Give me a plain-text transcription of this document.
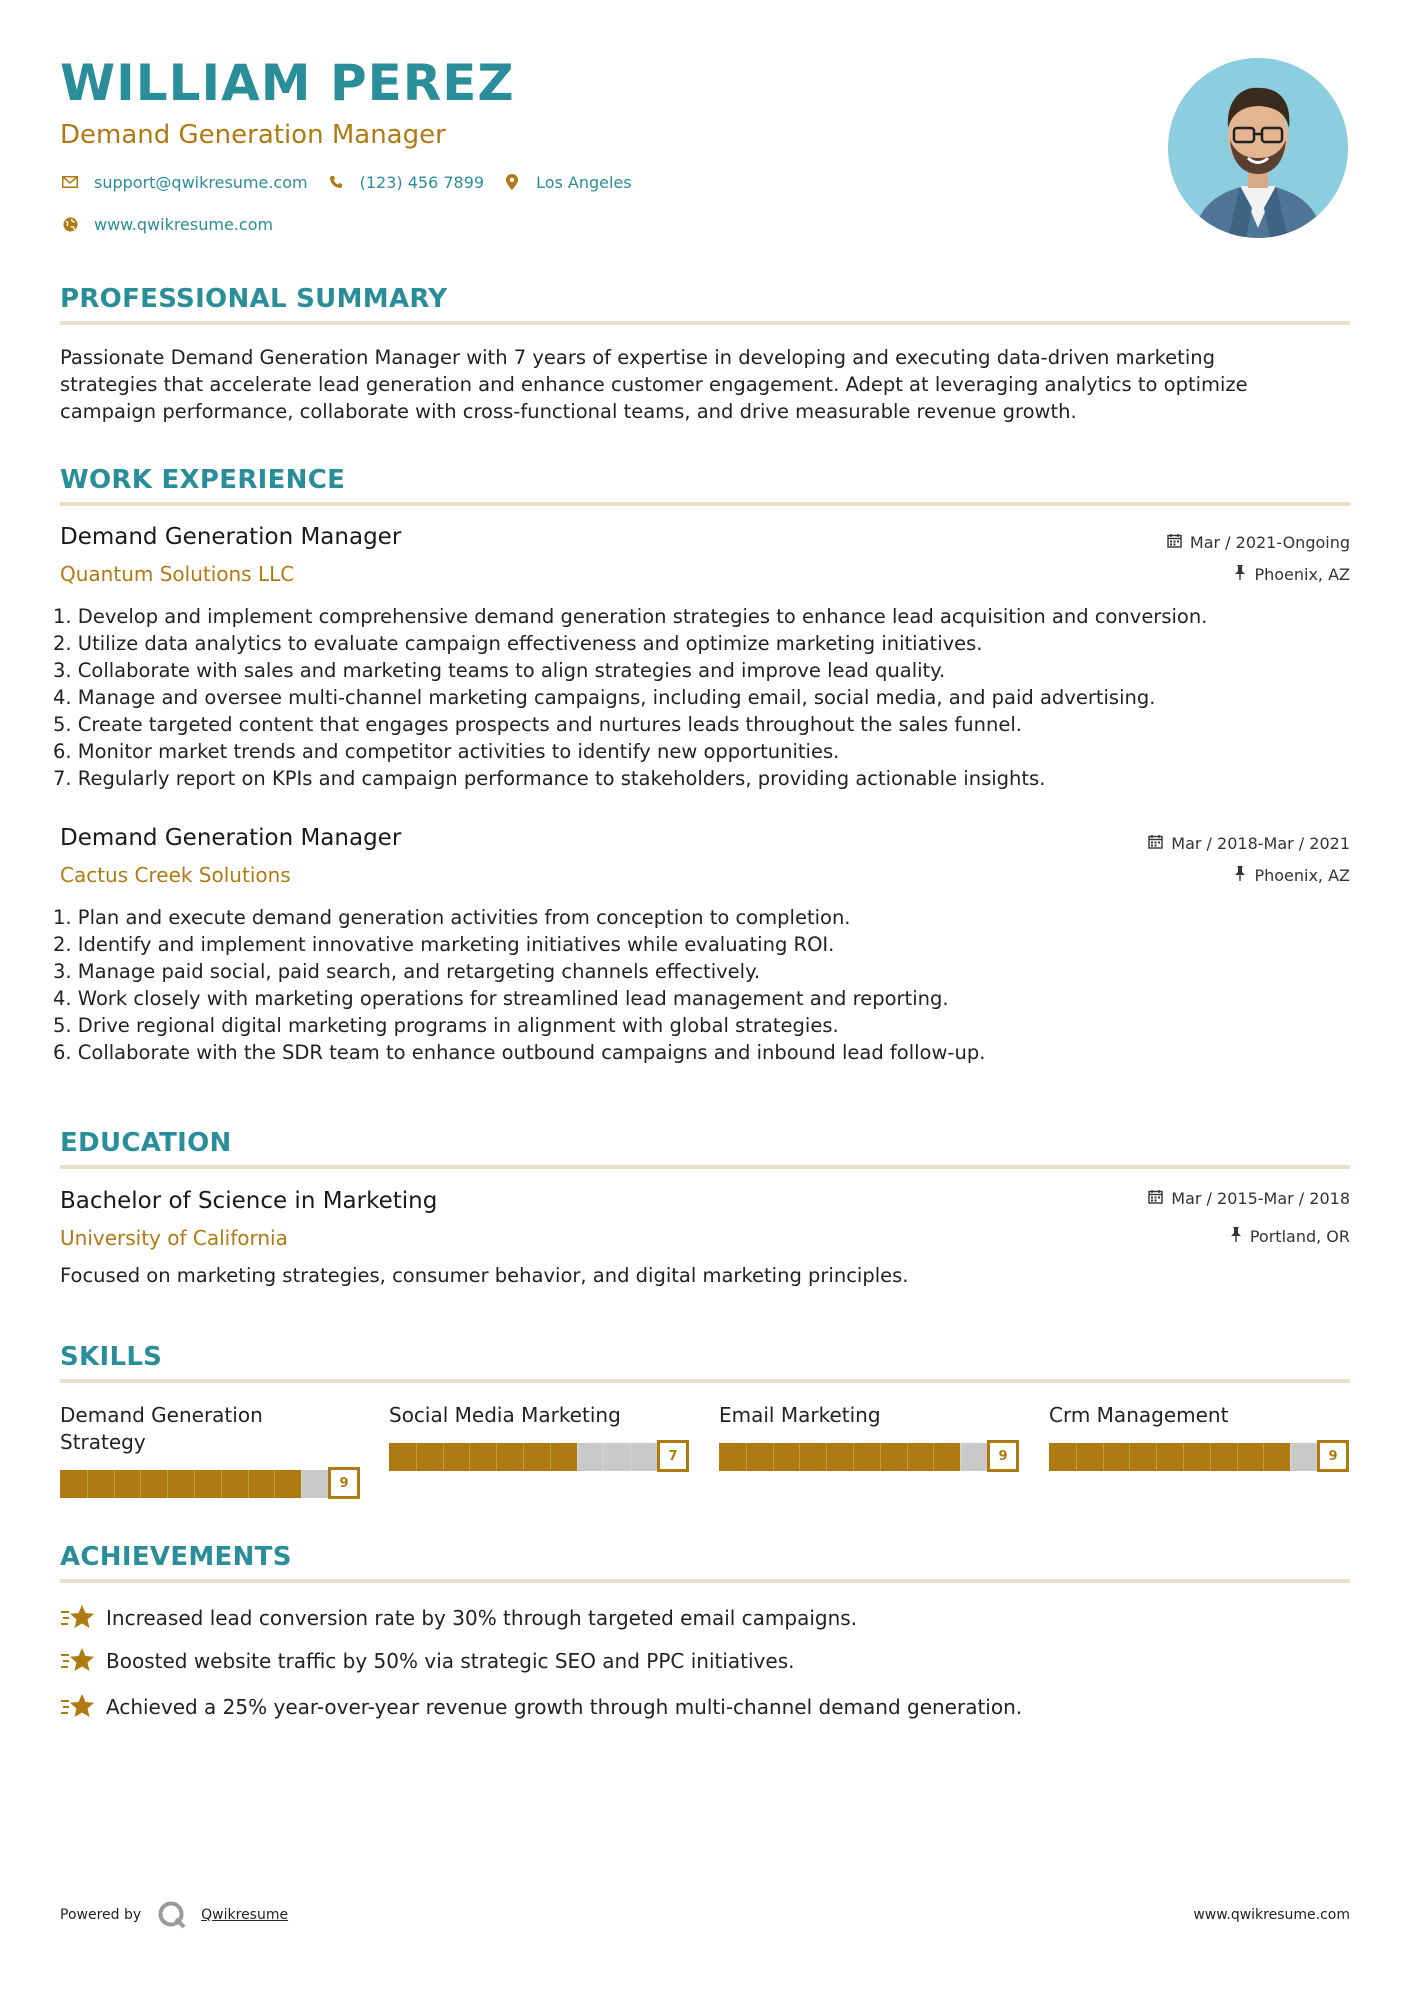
WILLIAM PEREZ
Demand Generation Manager
support@qwikresume.com	(123) 456 7899	Los Angeles
www.qwikresume.com
PROFESSIONAL SUMMARY
Passionate Demand Generation Manager with 7 years of expertise in developing and executing data-driven marketing
strategies that accelerate lead generation and enhance customer engagement. Adept at leveraging analytics to optimize
campaign performance, collaborate with cross-functional teams, and drive measurable revenue growth.
WORK EXPERIENCE
Demand Generation Manager	Mar / 2021-Ongoing
Quantum Solutions LLC	Phoenix, AZ
1. Develop and implement comprehensive demand generation strategies to enhance lead acquisition and conversion.
2. Utilize data analytics to evaluate campaign effectiveness and optimize marketing initiatives.
3. Collaborate with sales and marketing teams to align strategies and improve lead quality.
4. Manage and oversee multi-channel marketing campaigns, including email, social media, and paid advertising.
5. Create targeted content that engages prospects and nurtures leads throughout the sales funnel.
6. Monitor market trends and competitor activities to identify new opportunities.
7. Regularly report on KPIs and campaign performance to stakeholders, providing actionable insights.
Demand Generation Manager	Mar / 2018-Mar / 2021
Cactus Creek Solutions	Phoenix, AZ
1. Plan and execute demand generation activities from conception to completion.
2. Identify and implement innovative marketing initiatives while evaluating ROI.
3. Manage paid social, paid search, and retargeting channels effectively.
4. Work closely with marketing operations for streamlined lead management and reporting.
5. Drive regional digital marketing programs in alignment with global strategies.
6. Collaborate with the SDR team to enhance outbound campaigns and inbound lead follow-up.
EDUCATION
Bachelor of Science in Marketing	Mar / 2015-Mar / 2018
University of California	Portland, OR
Focused on marketing strategies, consumer behavior, and digital marketing principles.
SKILLS
Demand Generation
Strategy
9
Social Media Marketing
7
Email Marketing
9
Crm Management
9
ACHIEVEMENTS
Increased lead conversion rate by 30% through targeted email campaigns.
Boosted website traffic by 50% via strategic SEO and PPC initiatives.
Achieved a 25% year-over-year revenue growth through multi-channel demand generation.
Powered by	Qwikresume	www.qwikresume.com
